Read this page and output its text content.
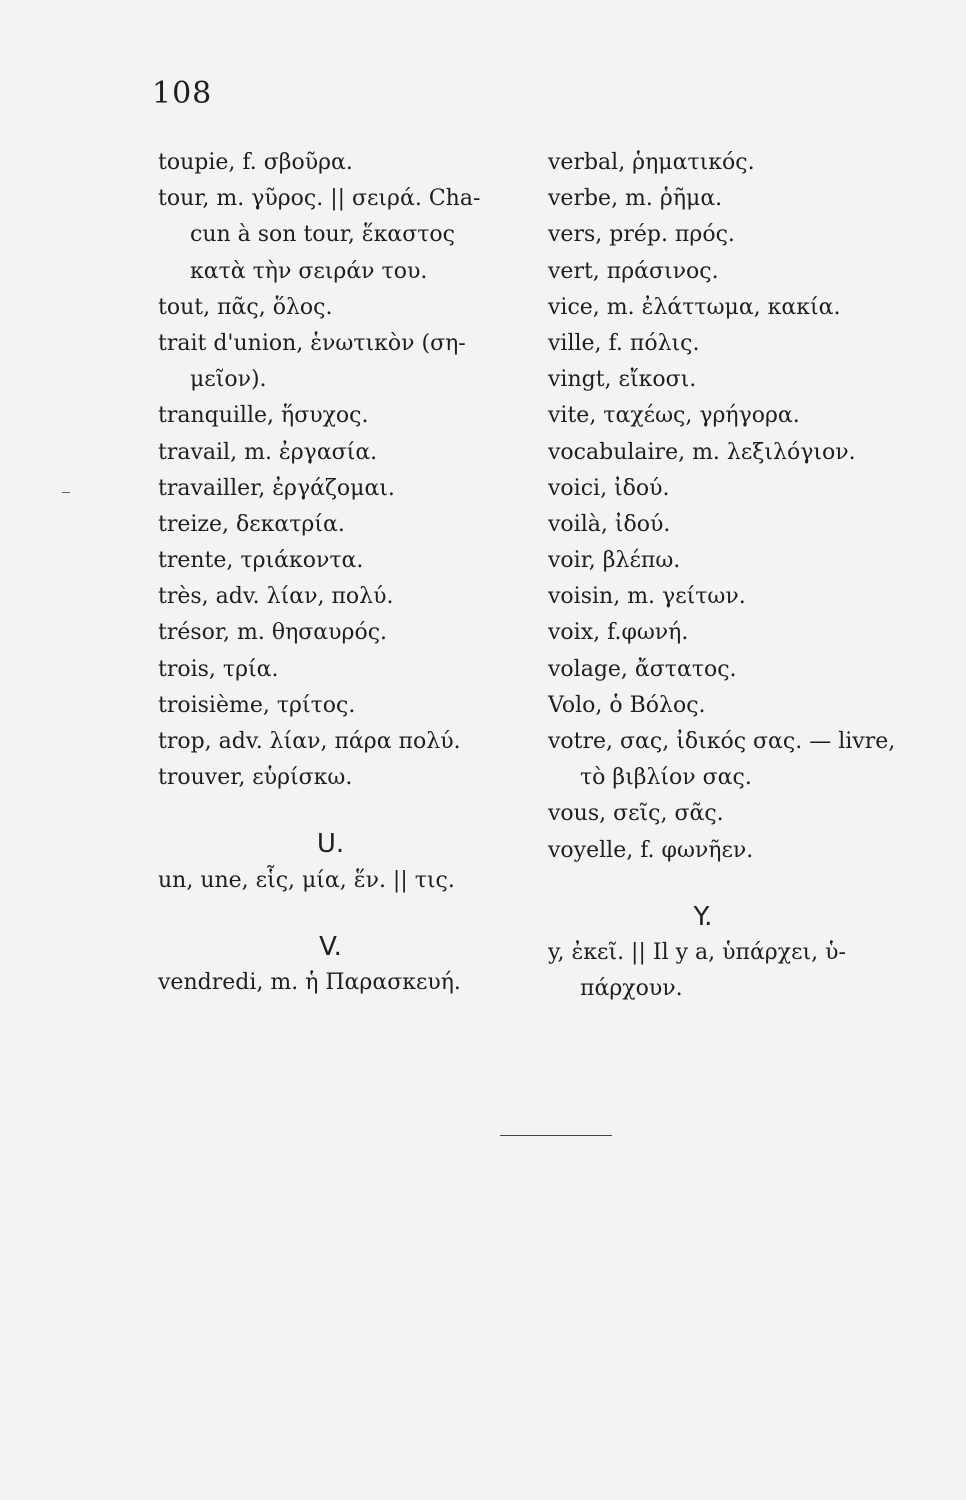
108
toupie, f. σβοῦρα.
tour, m. γῦρος. || σειρά. Cha-
cun à son tour, ἕκαστος
κατὰ τὴν σειράν του.
tout, πᾶς, ὅλος.
trait d'union, ἑνωτικὸν (ση-
μεῖον).
tranquille, ἥσυχος.
travail, m. ἐργασία.
travailler, ἐργάζομαι.
treize, δεκατρία.
trente, τριάκοντα.
très, adv. λίαν, πολύ.
trésor, m. θησαυρός.
trois, τρία.
troisième, τρίτος.
trop, adv. λίαν, πάρα πολύ.
trouver, εὑρίσκω.
U.
un, une, εἷς, μία, ἕν. || τις.
V.
vendredi, m. ἡ Παρασκευή.
verbal, ῥηματικός.
verbe, m. ῥῆμα.
vers, prép. πρός.
vert, πράσινος.
vice, m. ἐλάττωμα, κακία.
ville, f. πόλις.
vingt, εἴκοσι.
vite, ταχέως, γρήγορα.
vocabulaire, m. λεξιλόγιον.
voici, ἰδού.
voilà, ἰδού.
voir, βλέπω.
voisin, m. γείτων.
voix, f.φωνή.
volage, ἄστατος.
Volo, ὁ Βόλος.
votre, σας, ἰδικός σας. — livre,
τὸ βιβλίον σας.
vous, σεῖς, σᾶς.
voyelle, f. φωνῆεν.
Y.
y, ἐκεῖ. || Il y a, ὑπάρχει, ὑ-
πάρχουν.
